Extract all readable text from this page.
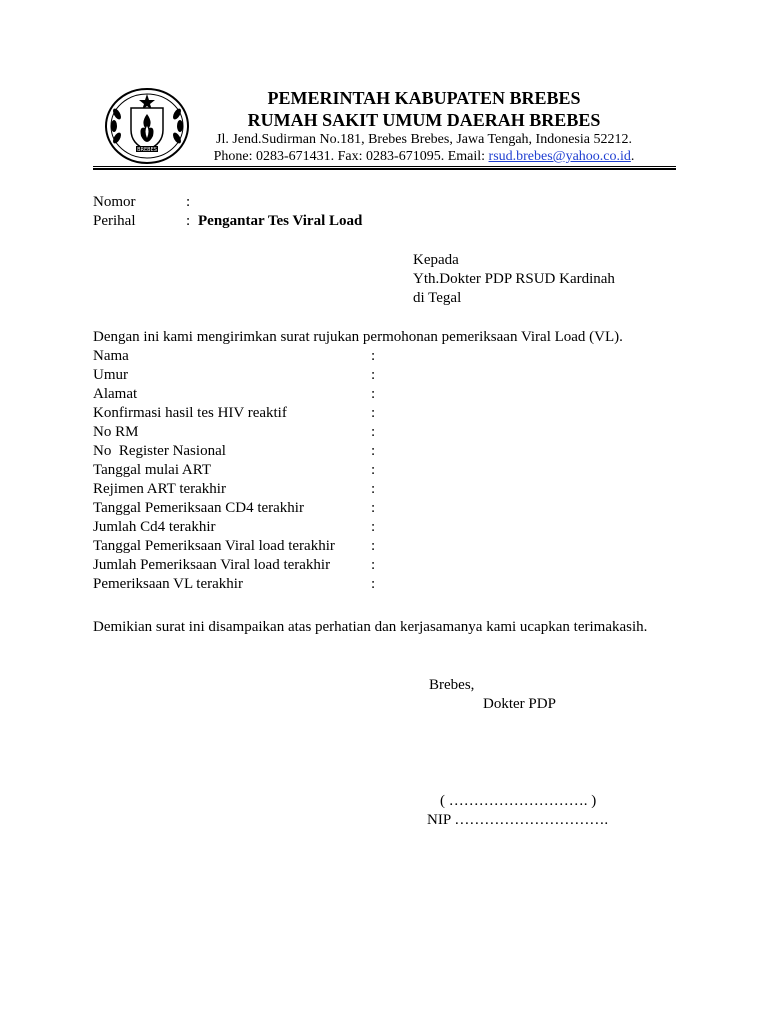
BREBES
PEMERINTAH KABUPATEN BREBES
RUMAH SAKIT UMUM DAERAH BREBES
Jl. Jend.Sudirman No.181, Brebes Brebes, Jawa Tengah, Indonesia 52212.
Phone: 0283-671431. Fax: 0283-671095. Email: rsud.brebes@yahoo.co.id.
Nomor	:
Perihal	: Pengantar Tes Viral Load
Kepada
Yth.Dokter PDP RSUD Kardinah
di Tegal
Dengan ini kami mengirimkan surat rujukan permohonan pemeriksaan Viral Load (VL).
Nama	:
Umur	:
Alamat	:
Konfirmasi hasil tes HIV reaktif	:
No RM	:
No  Register Nasional	:
Tanggal mulai ART	:
Rejimen ART terakhir	:
Tanggal Pemeriksaan CD4 terakhir	:
Jumlah Cd4 terakhir	:
Tanggal Pemeriksaan Viral load terakhir :
Jumlah Pemeriksaan Viral load terakhir	:
Pemeriksaan VL terakhir	:
Demikian surat ini disampaikan atas perhatian dan kerjasamanya kami ucapkan terimakasih.
Brebes,
Dokter PDP
( ………………………. )
NIP ………………………….
